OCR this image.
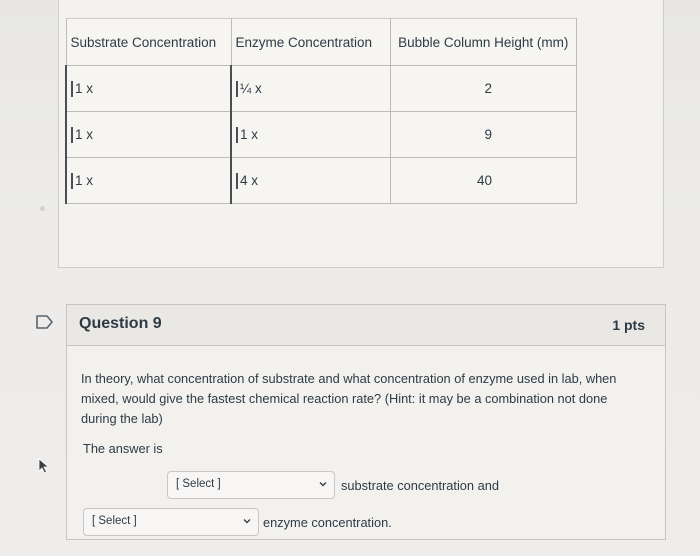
Substrate Concentration	Enzyme Concentration	Bubble Column Height (mm)
1 x	¼ x	2
1 x	1 x	9
1 x	4 x	40
Question 9	1 pts
In theory, what concentration of substrate and what concentration of enzyme used in lab, when mixed, would give the fastest chemical reaction rate? (Hint: it may be a combination not done during the lab)
The answer is
[ Select ]	substrate concentration and
[ Select ]	enzyme concentration.
